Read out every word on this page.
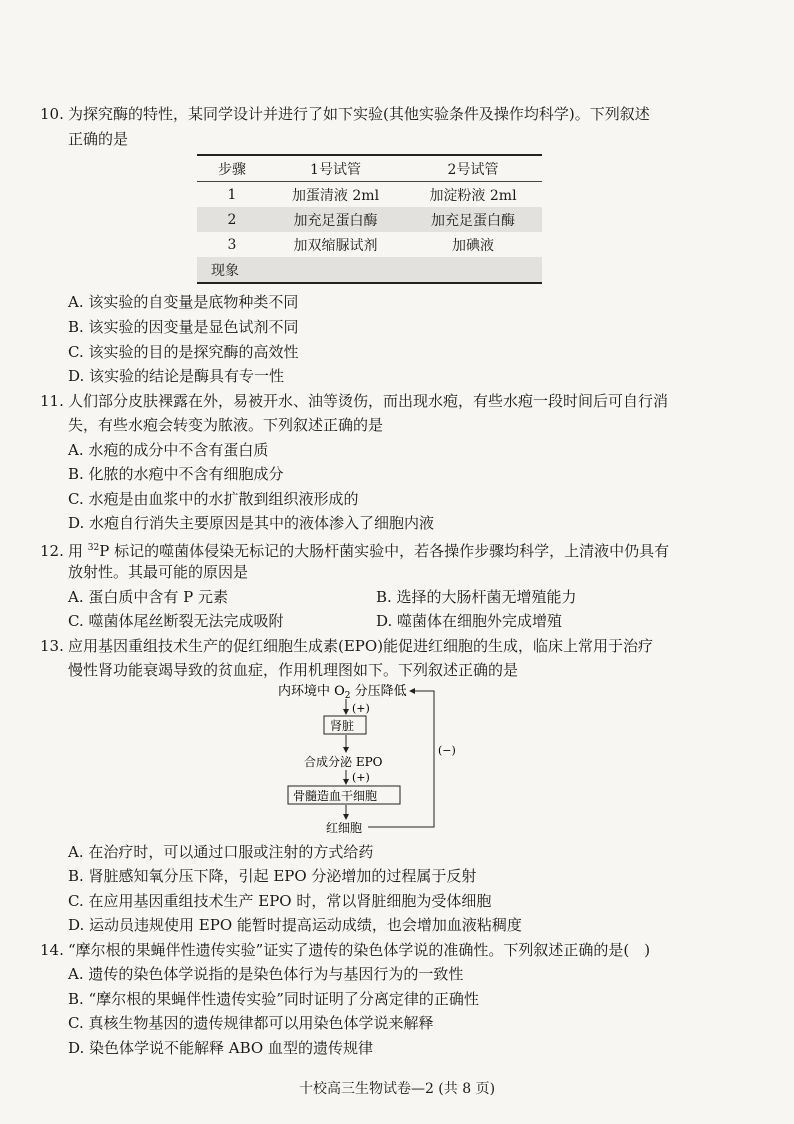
10. 为探究酶的特性，某同学设计并进行了如下实验(其他实验条件及操作均科学)。下列叙述
正确的是
步骤	1号试管	2号试管
1	加蛋清液 2ml	加淀粉液 2ml
2	加充足蛋白酶	加充足蛋白酶
3	加双缩脲试剂	加碘液
现象		
A. 该实验的自变量是底物种类不同
B. 该实验的因变量是显色试剂不同
C. 该实验的目的是探究酶的高效性
D. 该实验的结论是酶具有专一性
11. 人们部分皮肤裸露在外，易被开水、油等烫伤，而出现水疱，有些水疱一段时间后可自行消
失，有些水疱会转变为脓液。下列叙述正确的是
A. 水疱的成分中不含有蛋白质
B. 化脓的水疱中不含有细胞成分
C. 水疱是由血浆中的水扩散到组织液形成的
D. 水疱自行消失主要原因是其中的液体渗入了细胞内液
12. 用 $^{32}$P 标记的噬菌体侵染无标记的大肠杆菌实验中，若各操作步骤均科学，上清液中仍具有
放射性。其最可能的原因是
A. 蛋白质中含有 P 元素	B. 选择的大肠杆菌无增殖能力
C. 噬菌体尾丝断裂无法完成吸附	D. 噬菌体在细胞外完成增殖
13. 应用基因重组技术生产的促红细胞生成素(EPO)能促进红细胞的生成，临床上常用于治疗
慢性肾功能衰竭导致的贫血症，作用机理图如下。下列叙述正确的是
内环境中 $O_2$ 分压降低
(+)
肾脏
合成分泌 EPO
(+)
骨髓造血干细胞
红细胞
(−)
A. 在治疗时，可以通过口服或注射的方式给药
B. 肾脏感知氧分压下降，引起 EPO 分泌增加的过程属于反射
C. 在应用基因重组技术生产 EPO 时，常以肾脏细胞为受体细胞
D. 运动员违规使用 EPO 能暂时提高运动成绩，也会增加血液粘稠度
14. “摩尔根的果蝇伴性遗传实验”证实了遗传的染色体学说的准确性。下列叙述正确的是(　)
A. 遗传的染色体学说指的是染色体行为与基因行为的一致性
B. “摩尔根的果蝇伴性遗传实验”同时证明了分离定律的正确性
C. 真核生物基因的遗传规律都可以用染色体学说来解释
D. 染色体学说不能解释 ABO 血型的遗传规律
十校高三生物试卷—2 (共 8 页)
